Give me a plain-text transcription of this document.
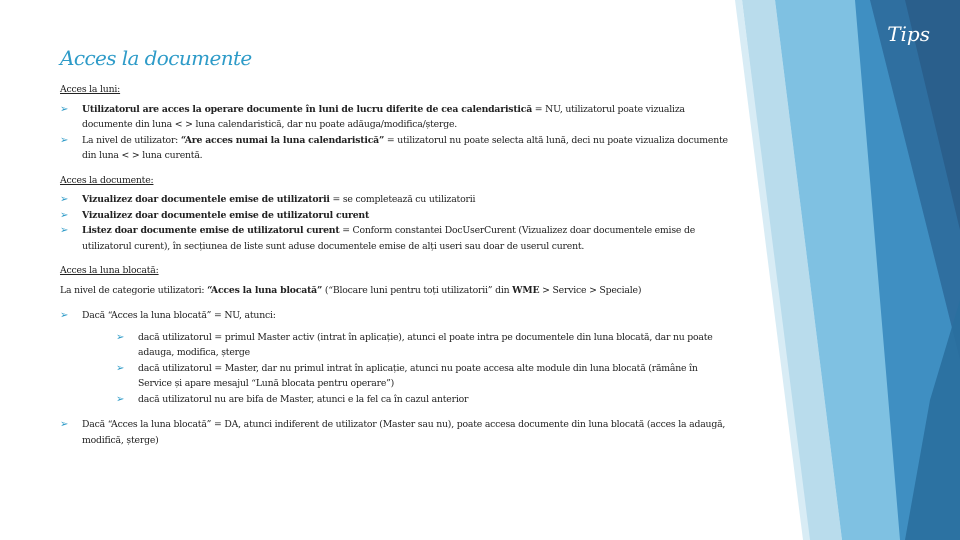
Tips
Acces la documente

Acces la luni:

➢ Utilizatorul are acces la operare documente în luni de lucru diferite de cea calendaristică = NU, utilizatorul poate vizualiza documente din luna < > luna calendaristică, dar nu poate adăuga/modifica/șterge.
➢ La nivel de utilizator: “Are acces numai la luna calendaristică” = utilizatorul nu poate selecta altă lună, deci nu poate vizualiza documente din luna < > luna curentă.

Acces la documente:

➢ Vizualizez doar documentele emise de utilizatorii = se completează cu utilizatorii
➢ Vizualizez doar documentele emise de utilizatorul curent
➢ Listez doar documente emise de utilizatorul curent = Conform constantei DocUserCurent (Vizualizez doar documentele emise de utilizatorul curent), în secțiunea de liste sunt aduse documentele emise de alți useri sau doar de userul curent.

Acces la luna blocată:

La nivel de categorie utilizatori: “Acces la luna blocată” (“Blocare luni pentru toți utilizatorii” din WME > Service > Speciale)

➢ Dacă “Acces la luna blocată” = NU, atunci:
➢ dacă utilizatorul = primul Master activ (intrat în aplicație), atunci el poate intra pe documentele din luna blocată, dar nu poate adauga, modifica, șterge
➢ dacă utilizatorul = Master, dar nu primul intrat în aplicație, atunci nu poate accesa alte module din luna blocată (rămâne în Service și apare mesajul “Lună blocata pentru operare”)
➢ dacă utilizatorul nu are bifa de Master, atunci e la fel ca în cazul anterior
➢ Dacă “Acces la luna blocată” = DA, atunci indiferent de utilizator (Master sau nu), poate accesa documente din luna blocată (acces la adaugă, modifică, șterge)
